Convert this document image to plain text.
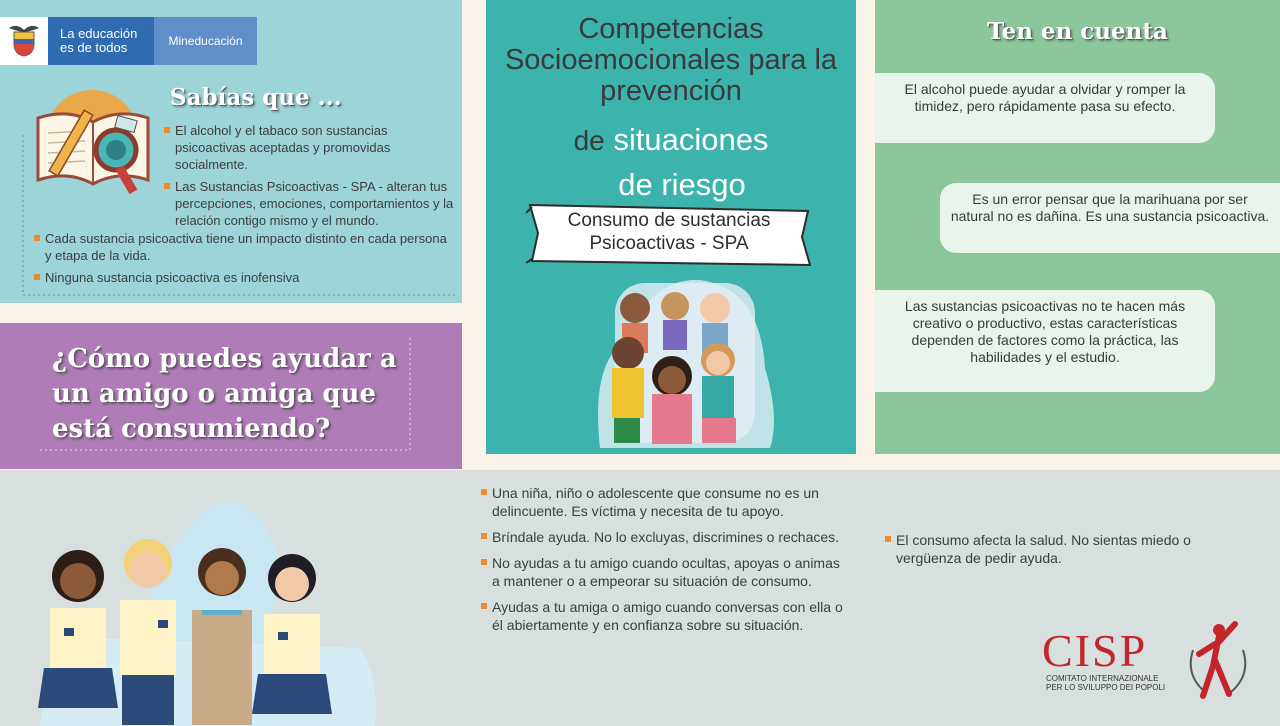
La educación
es de todos	Mineducación
Sabías que ...
El alcohol y el tabaco son sustancias psicoactivas aceptadas y promovidas socialmente.
Las Sustancias Psicoactivas - SPA - alteran tus percepciones, emociones, comportamientos y la relación contigo mismo y el mundo.
Cada sustancia psicoactiva tiene un impacto distinto en cada persona y etapa de la vida.
Ninguna sustancia psicoactiva es inofensiva
¿Cómo puedes ayudar a un amigo o amiga que está consumiendo?
Competencias Socioemocionales para la prevención
de situaciones
de riesgo
Consumo de sustancias
Psicoactivas - SPA
Ten en cuenta
El alcohol puede ayudar a olvidar y romper la timidez, pero rápidamente pasa su efecto.
Es un error pensar que la marihuana por ser natural no es dañina. Es una sustancia psicoactiva.
Las sustancias psicoactivas no te hacen más creativo o productivo, estas características dependen de factores como la práctica, las habilidades y el estudio.
Una niña, niño o adolescente que consume no es un delincuente. Es víctima y necesita de tu apoyo.
Bríndale ayuda. No lo excluyas, discrimines o rechaces.
No ayudas a tu amigo cuando ocultas, apoyas o animas a mantener o a empeorar su situación de consumo.
Ayudas a tu amiga o amigo cuando conversas con ella o él abiertamente y en confianza sobre su situación.
El consumo afecta la salud. No sientas miedo o vergüenza de pedir ayuda.
CISP
COMITATO INTERNAZIONALE
PER LO SVILUPPO DEI POPOLI
